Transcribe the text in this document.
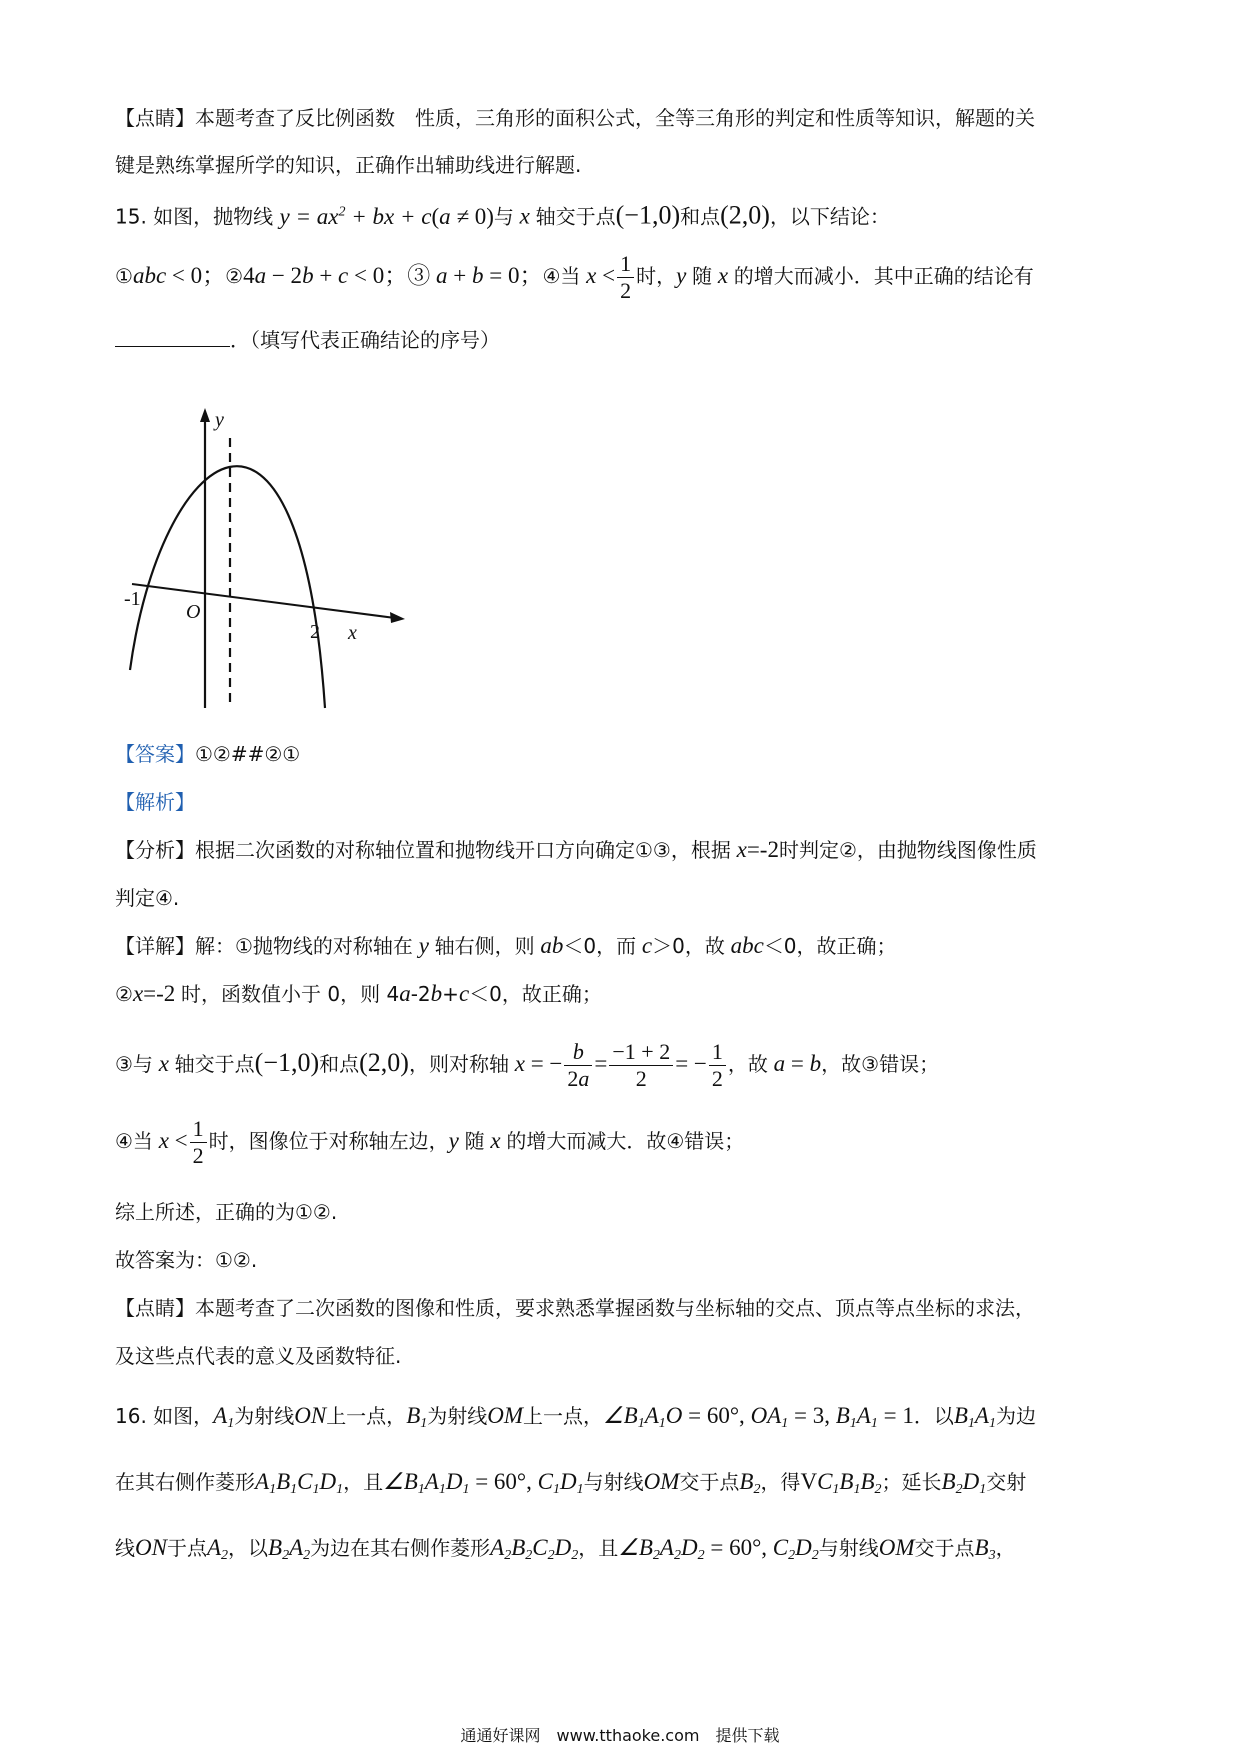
【点睛】本题考查了反比例函数　性质，三角形的面积公式，全等三角形的判定和性质等知识，解题的关
键是熟练掌握所学的知识，正确作出辅助线进行解题.
15. 如图，抛物线 $y = ax^2$ + bx + c(a ≠ 0)与 x 轴交于点(−1,0)和点(2,0)，以下结论：
①abc < 0；②4a − 2b + c < 0；③ a + b = 0；④当 $x < \frac{1}{2}$ 时，y 随 x 的增大而减小．其中正确的结论有
．（填写代表正确结论的序号）
y
x
O
-1
2
【答案】①②##②①
【解析】
【分析】根据二次函数的对称轴位置和抛物线开口方向确定①③，根据 x=-2时判定②，由抛物线图像性质
判定④.
【详解】解：①抛物线的对称轴在 y 轴右侧，则 ab＜0，而 c＞0，故 abc＜0，故正确；
②x=-2 时，函数值小于 0，则 4a-2b+c＜0，故正确；
③与 x 轴交于点(−1,0)和点(2,0)，则对称轴 x = − $\frac{b}{2a} = \frac{-1 + 2}{2}$ = − $\frac{1}{2}$ ，故 a = b，故③错误；
④当 $x < \frac{1}{2}$ 时，图像位于对称轴左边，y 随 x 的增大而减大．故④错误；
综上所述，正确的为①②.
故答案为：①②.
【点睛】本题考查了二次函数的图像和性质，要求熟悉掌握函数与坐标轴的交点、顶点等点坐标的求法，
及这些点代表的意义及函数特征.
16. 如图，$A_1$为射线ON上一点，$B_1$为射线OM上一点，$\angle B_1A_1O = 60^\circ$, $OA_1 = 3$, $B_1A_1 = 1$．以$B_1A_1$为边
在其右侧作菱形$A_1B_1C_1D_1$，且$\angle B_1A_1D_1 = 60^\circ$, $C_1D_1$与射线OM交于点$B_2$，得$VC_1B_1B_2$；延长$B_2D_1$交射
线ON于点$A_2$，以$B_2A_2$为边在其右侧作菱形$A_2B_2C_2D_2$，且$\angle B_2A_2D_2 = 60^\circ$, $C_2D_2$与射线OM交于点$B_3$，
通通好课网　www.tthaoke.com　提供下载
